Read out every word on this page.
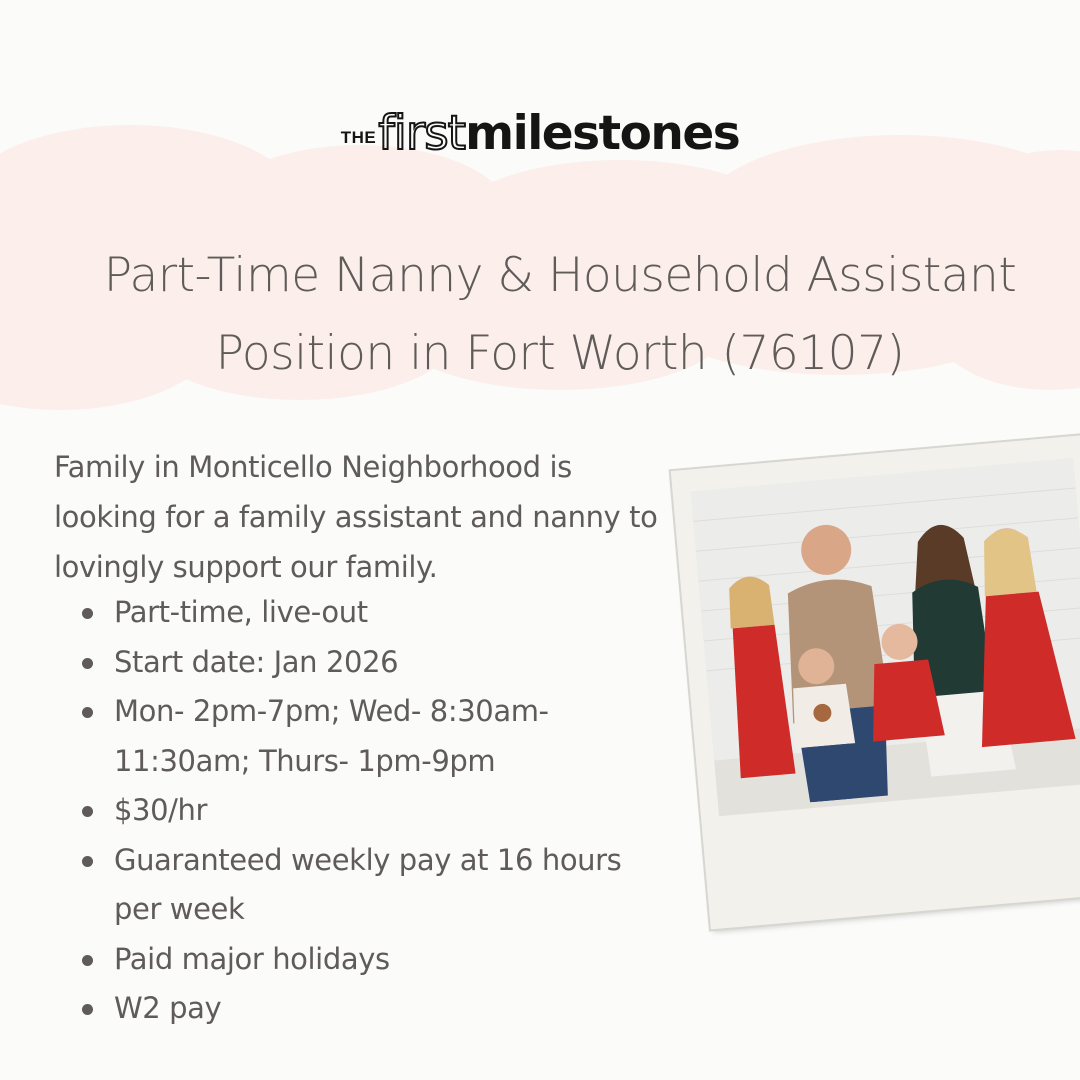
THEfirstmilestones
Part-Time Nanny & Household Assistant
Position in Fort Worth (76107)
Family in Monticello Neighborhood is
looking for a family assistant and nanny to
lovingly support our family.
Part-time, live-out
Start date: Jan 2026
Mon- 2pm-7pm; Wed- 8:30am-
11:30am; Thurs- 1pm-9pm
$30/hr
Guaranteed weekly pay at 16 hours
per week
Paid major holidays
W2 pay
